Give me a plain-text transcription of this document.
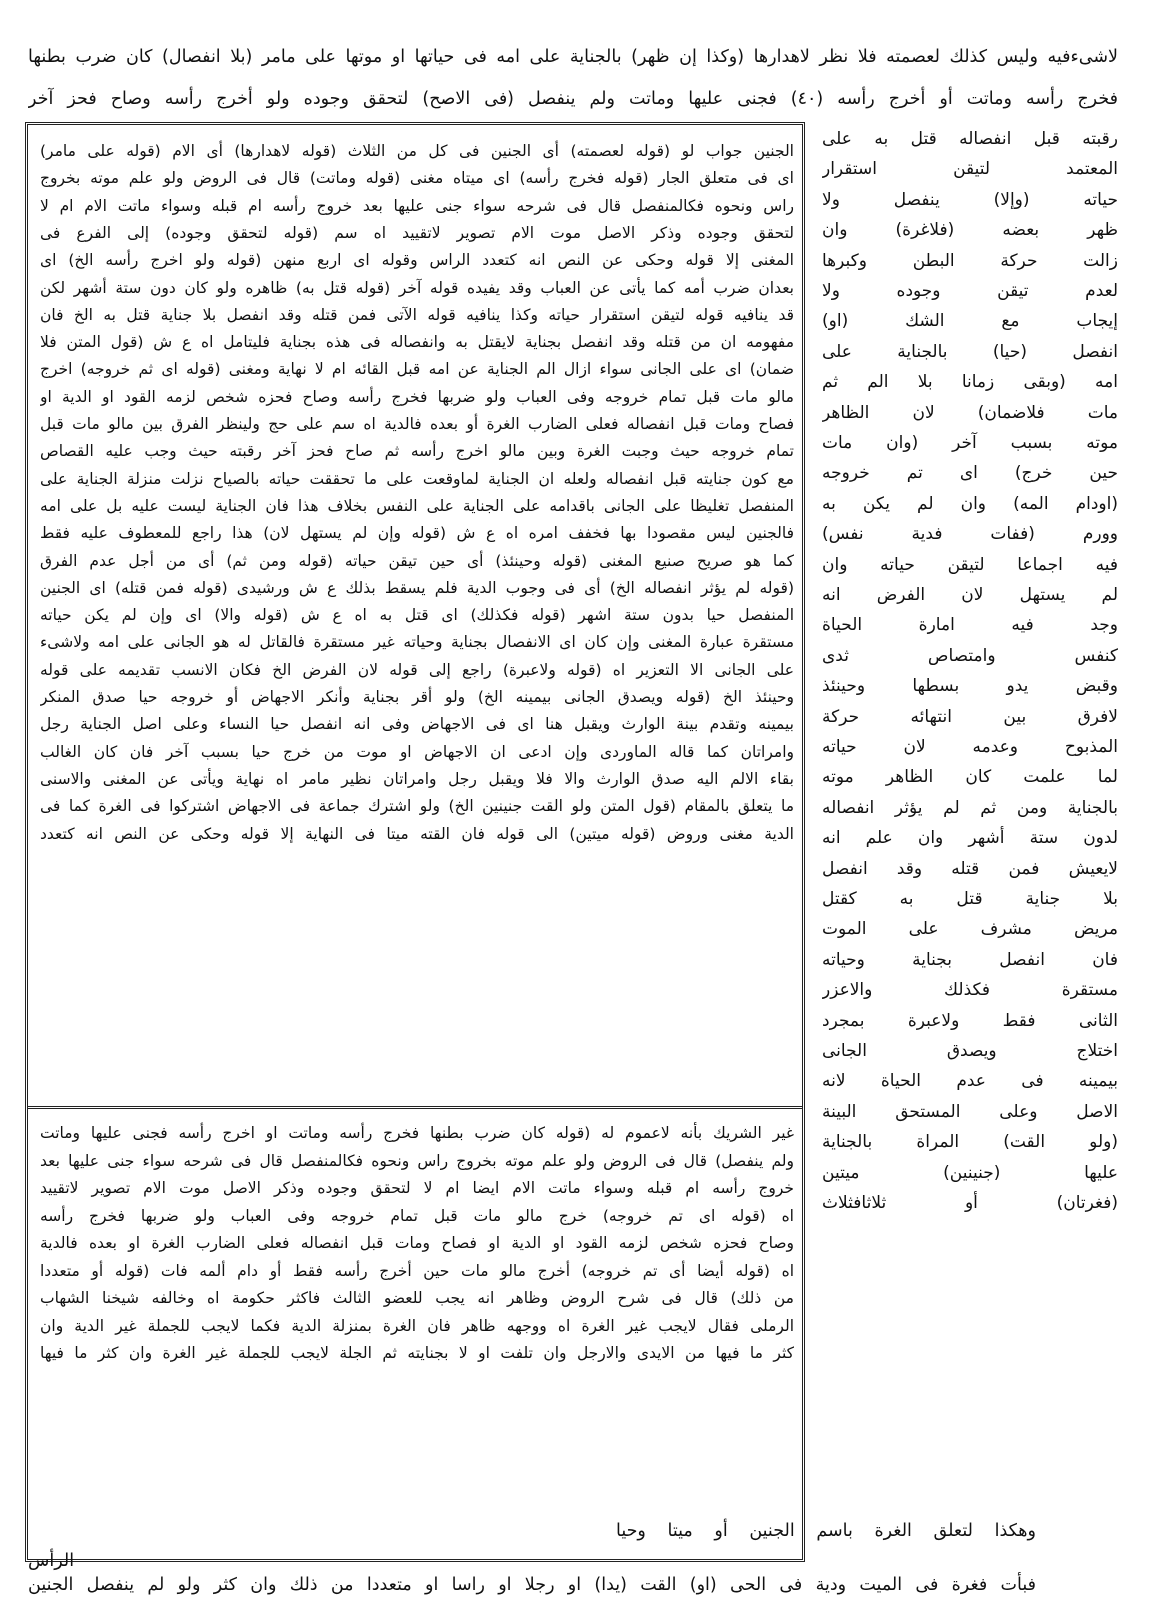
لاشىءفيه وليس كذلك لعصمته فلا نظر لاهدارها (وكذا إن ظهر) بالجناية على امه فى حياتها او موتها على مامر (بلا انفصال) كان ضرب بطنها
فخرج رأسه وماتت أو أخرج رأسه (٤٠) فجنى عليها وماتت ولم ينفصل (فى الاصح) لتحقق وجوده ولو أخرج رأسه وصاح فحز آخر
رقبته قبل انفصاله قتل به على
المعتمد لتيقن استقرار
حياته (وإلا) ينفصل ولا
ظهر بعضه (فلاغرة) وان
زالت حركة البطن وكبرها
لعدم تيقن وجوده ولا
إيجاب مع الشك (او)
انفصل (حيا) بالجناية على
امه (وبقى زمانا بلا الم ثم
مات فلاضمان) لان الظاهر
موته بسبب آخر (وان مات
حين خرج) اى تم خروجه
(اودام المه) وان لم يكن به
وورم (ففات فدية نفس)
فيه اجماعا لتيقن حياته وان
لم يستهل لان الفرض انه
وجد فيه امارة الحياة
كنفس وامتصاص ثدى
وقبض يدو بسطها وحينئذ
لافرق بين انتهائه حركة
المذبوح وعدمه لان حياته
لما علمت كان الظاهر موته
بالجناية ومن ثم لم يؤثر انفصاله
لدون ستة أشهر وان علم انه
لايعيش فمن قتله وقد انفصل
بلا جناية قتل به كقتل
مريض مشرف على الموت
فان انفصل بجناية وحياته
مستقرة فكذلك والاعزر
الثانى فقط ولاعبرة بمجرد
اختلاج ويصدق الجانى
بيمينه فى عدم الحياة لانه
الاصل وعلى المستحق البينة
(ولو القت) المراة بالجناية
عليها (جنينين) ميتين
(فغرتان) أو ثلاثافثلاث
الجنين جواب لو (قوله لعصمته) أى الجنين فى كل من الثلاث (قوله لاهدارها) أى الام (قوله على مامر)
اى فى متعلق الجار (قوله فخرج رأسه) اى ميتاه مغنى (قوله وماتت) قال فى الروض ولو علم موته بخروج
راس ونحوه فكالمنفصل قال فى شرحه سواء جنى عليها بعد خروج رأسه ام قبله وسواء ماتت الام ام لا
لتحقق وجوده وذكر الاصل موت الام تصوير لاتقييد اه سم (قوله لتحقق وجوده) إلى الفرع فى
المغنى إلا قوله وحكى عن النص انه كتعدد الراس وقوله اى اربع منهن (قوله ولو اخرج رأسه الخ) اى
بعدان ضرب أمه كما يأتى عن العباب وقد يفيده قوله آخر (قوله قتل به) ظاهره ولو كان دون ستة أشهر لكن
قد ينافيه قوله لتيقن استقرار حياته وكذا ينافيه قوله الآتى فمن قتله وقد انفصل بلا جناية قتل به الخ فان
مفهومه ان من قتله وقد انفصل بجناية لايقتل به وانفصاله فى هذه بجناية فليتامل اه ع ش (قول المتن فلا
ضمان) اى على الجانى سواء ازال الم الجناية عن امه قبل القائه ام لا نهاية ومغنى (قوله اى ثم خروجه) اخرج
مالو مات قبل تمام خروجه وفى العباب ولو ضربها فخرج رأسه وصاح فحزه شخص لزمه القود او الدية او
فصاح ومات قبل انفصاله فعلى الضارب الغرة أو بعده فالدية اه سم على حج ولينظر الفرق بين مالو مات قبل
تمام خروجه حيث وجبت الغرة وبين مالو اخرج رأسه ثم صاح فحز آخر رقبته حيث وجب عليه القصاص
مع كون جنايته قبل انفصاله ولعله ان الجناية لماوقعت على ما تحققت حياته بالصياح نزلت منزلة الجناية على
المنفصل تغليظا على الجانى باقدامه على الجناية على النفس بخلاف هذا فان الجناية ليست عليه بل على امه
فالجنين ليس مقصودا بها فخفف امره اه ع ش (قوله وإن لم يستهل لان) هذا راجع للمعطوف عليه فقط
كما هو صريح صنيع المغنى (قوله وحينئذ) أى حين تيقن حياته (قوله ومن ثم) أى من أجل عدم الفرق
(قوله لم يؤثر انفصاله الخ) أى فى وجوب الدية فلم يسقط بذلك ع ش ورشيدى (قوله فمن قتله) اى الجنين
المنفصل حيا بدون ستة اشهر (قوله فكذلك) اى قتل به اه ع ش (قوله والا) اى وإن لم يكن حياته
مستقرة عبارة المغنى وإن كان اى الانفصال بجناية وحياته غير مستقرة فالقاتل له هو الجانى على امه ولاشىء
على الجانى الا التعزير اه (قوله ولاعبرة) راجع إلى قوله لان الفرض الخ فكان الانسب تقديمه على قوله
وحينئذ الخ (قوله ويصدق الجانى بيمينه الخ) ولو أقر بجناية وأنكر الاجهاض أو خروجه حيا صدق المنكر
بيمينه وتقدم بينة الوارث ويقبل هنا اى فى الاجهاض وفى انه انفصل حيا النساء وعلى اصل الجناية رجل
وامراتان كما قاله الماوردى وإن ادعى ان الاجهاض او موت من خرج حيا بسبب آخر فان كان الغالب
بقاء الالم اليه صدق الوارث والا فلا ويقبل رجل وامراتان نظير مامر اه نهاية ويأتى عن المغنى والاسنى
ما يتعلق بالمقام (قول المتن ولو القت جنينين الخ) ولو اشترك جماعة فى الاجهاض اشتركوا فى الغرة كما فى
الدية مغنى وروض (قوله ميتين) الى قوله فان القته ميتا فى النهاية إلا قوله وحكى عن النص انه كتعدد
غير الشريك بأنه لاعموم له (قوله كان ضرب بطنها فخرج رأسه وماتت او اخرج رأسه فجنى عليها وماتت
ولم ينفصل) قال فى الروض ولو علم موته بخروج راس ونحوه فكالمنفصل قال فى شرحه سواء جنى عليها بعد
خروج رأسه ام قبله وسواء ماتت الام ايضا ام لا لتحقق وجوده وذكر الاصل موت الام تصوير لاتقييد
اه (قوله اى تم خروجه) خرج مالو مات قبل تمام خروجه وفى العباب ولو ضربها فخرج رأسه
وصاح فحزه شخص لزمه القود او الدية او فصاح ومات قبل انفصاله فعلى الضارب الغرة او بعده فالدية
اه (قوله أيضا أى تم خروجه) أخرج مالو مات حين أخرج رأسه فقط أو دام ألمه فات (قوله أو متعددا
من ذلك) قال فى شرح الروض وظاهر انه يجب للعضو الثالث فاكثر حكومة اه وخالفه شيخنا الشهاب
الرملى فقال لايجب غير الغرة اه ووجهه ظاهر فان الغرة بمنزلة الدية فكما لايجب للجملة غير الدية وان
كثر ما فيها من الايدى والارجل وان تلفت او لا بجنايته ثم الجلة لايجب للجملة غير الغرة وان كثر ما فيها
وهكذا لتعلق الغرة باسم الجنين أو ميتا وحيا
الرأس
فبأت فغرة فى الميت ودية فى الحى (او) القت (يدا) او رجلا او راسا او متعددا من ذلك وان كثر ولو لم ينفصل الجنين
